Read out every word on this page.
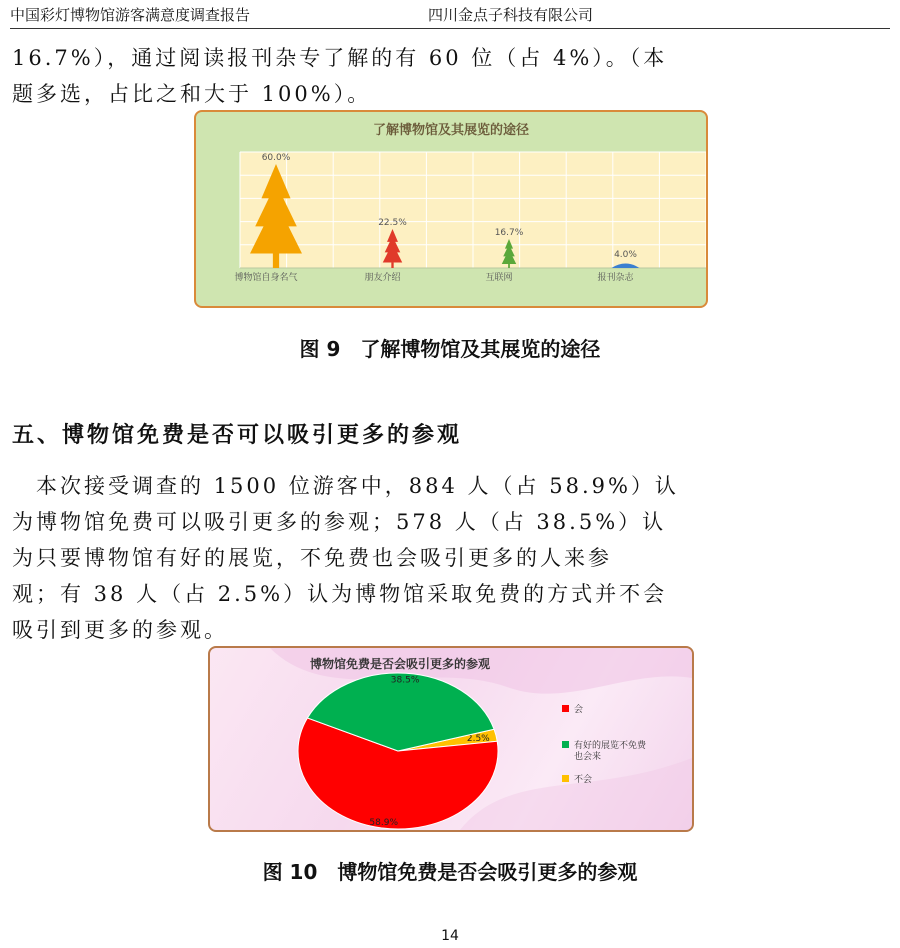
中国彩灯博物馆游客满意度调查报告	四川金点子科技有限公司
16.7%），通过阅读报刊杂专了解的有 60 位（占 4%）。（本
题多选，占比之和大于 100%）。
了解博物馆及其展览的途径
60.0%
博物馆自身名气
22.5%
朋友介绍
16.7%
互联网
4.0%
报刊杂志
图 9　了解博物馆及其展览的途径
五、博物馆免费是否可以吸引更多的参观
　本次接受调查的 1500 位游客中，884 人（占 58.9%）认
为博物馆免费可以吸引更多的参观；578 人（占 38.5%）认
为只要博物馆有好的展览，不免费也会吸引更多的人来参
观；有 38 人（占 2.5%）认为博物馆采取免费的方式并不会
吸引到更多的参观。
博物馆免费是否会吸引更多的参观
2.5%
58.9%
38.5%
会
有好的展览不免费也会来
不会
图 10　博物馆免费是否会吸引更多的参观
14
